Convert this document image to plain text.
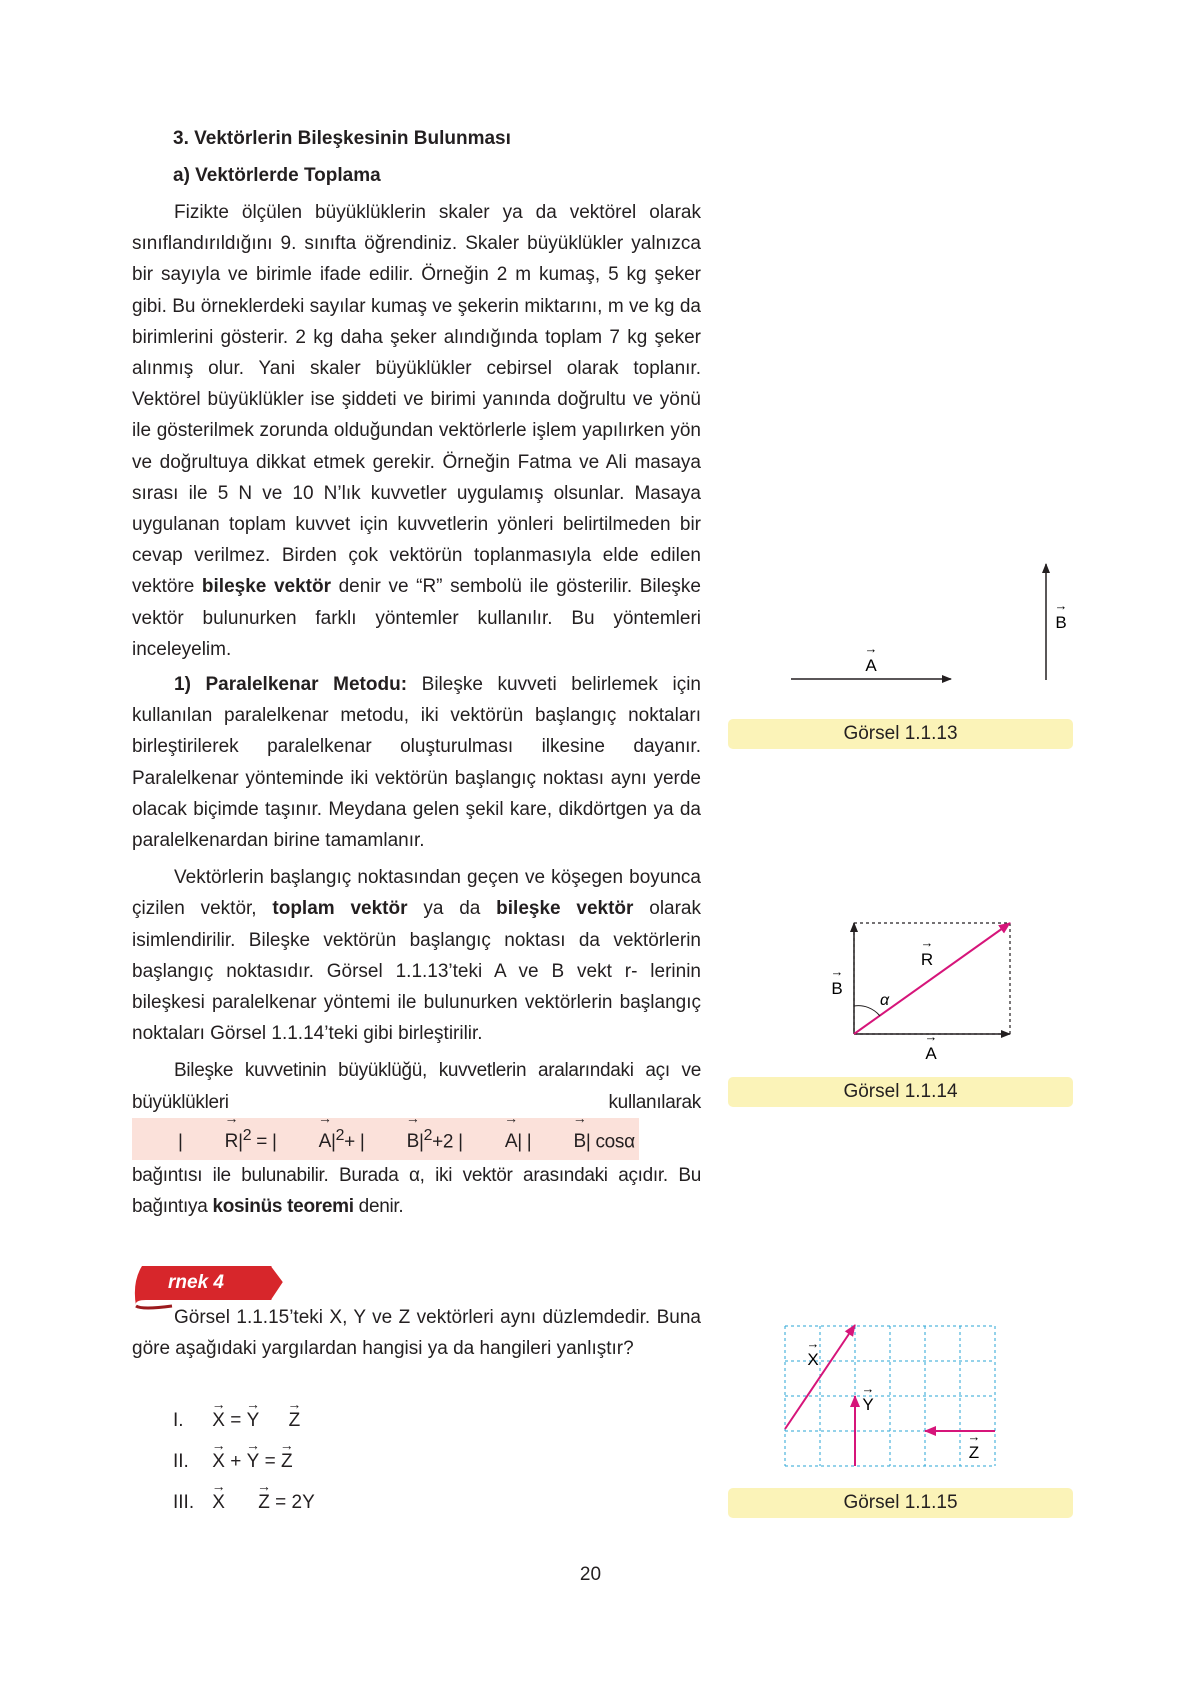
3. Vektörlerin Bileşkesinin Bulunması
a) Vektörlerde Toplama

Fizikte ölçülen büyüklüklerin skaler ya da vektörel olarak sınıflandırıldığını 9. sınıfta öğrendiniz. Skaler büyüklükler yalnızca bir sayıyla ve birimle ifade edilir. Örneğin 2 m kumaş, 5 kg şeker gibi. Bu örneklerdeki sayılar kumaş ve şekerin miktarını, m ve kg da birimlerini gösterir. 2 kg daha şeker alındığında toplam 7 kg şeker alınmış olur. Yani skaler büyüklükler cebirsel olarak toplanır. Vektörel büyüklükler ise şiddeti ve birimi yanında doğrultu ve yönü ile gösterilmek zorunda olduğundan vektörlerle işlem yapılırken yön ve doğrultuya dikkat etmek gerekir. Örneğin Fatma ve Ali masaya sırası ile 5 N ve 10 N’lık kuvvetler uygulamış olsunlar. Masaya uygulanan toplam kuvvet için kuvvetlerin yönleri belirtilmeden bir cevap verilmez. Birden çok vektörün toplanmasıyla elde edilen vektöre bileşke vektör denir ve “R” sembolü ile gösterilir. Bileşke vektör bulunurken farklı yöntemler kullanılır. Bu yöntemleri inceleyelim.

1) Paralelkenar Metodu: Bileşke kuvveti belirlemek için kullanılan paralelkenar metodu, iki vektörün başlangıç noktaları birleştirilerek paralelkenar oluşturulması ilkesine dayanır. Paralelkenar yönteminde iki vektörün başlangıç noktası aynı yerde olacak biçimde taşınır. Meydana gelen şekil kare, dikdörtgen ya da paralelkenardan birine tamamlanır.

Vektörlerin başlangıç noktasından geçen ve köşegen boyunca çizilen vektör, toplam vektör ya da bileşke vektör olarak isimlendirilir. Bileşke vektörün başlangıç noktası da vektörlerin başlangıç noktasıdır. Görsel 1.1.13’teki A ve B vekt r- lerinin bileşkesi paralelkenar yöntemi ile bulunurken vektörlerin başlangıç noktaları Görsel 1.1.14’teki gibi birleştirilir.

Bileşke kuvvetinin büyüklüğü, kuvvetlerin aralarındaki açı ve büyüklükleri kullanılarak | → $R|^2$ = | → $A|^2+$ | → $B|^2+2$ | → A| | → B| cosα bağıntısı ile bulunabilir. Burada α, iki vektör arasındaki açıdır. Bu bağıntıya kosinüs teoremi denir.

A
→
B
→
Görsel 1.1.13
α
B
→
R
→
A
→
Görsel 1.1.14
rnek 4

Görsel 1.1.15’teki X, Y ve Z vektörleri aynı düzlemdedir. Buna göre aşağıdaki yargılardan hangisi ya da hangileri yanlıştır?

I. → X = → Y → Z
II. → X + → Y = → Z
III. → X → Z = 2Y
X
→
Y
→
Z
→
Görsel 1.1.15
20
